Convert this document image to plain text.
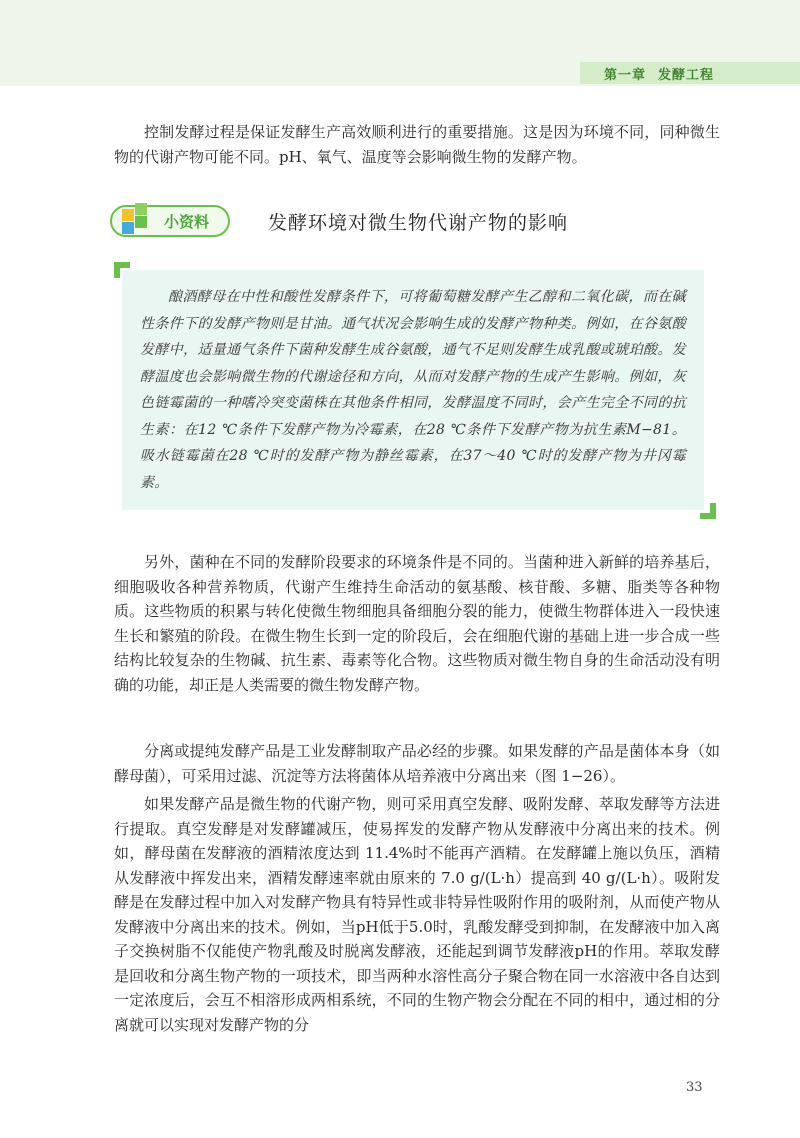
第一章 发酵工程

控制发酵过程是保证发酵生产高效顺利进行的重要措施。这是因为环境不同，同种微生物的代谢产物可能不同。pH、氧气、温度等会影响微生物的发酵产物。

小资料	发酵环境对微生物代谢产物的影响

酿酒酵母在中性和酸性发酵条件下，可将葡萄糖发酵产生乙醇和二氧化碳，而在碱性条件下的发酵产物则是甘油。通气状况会影响生成的发酵产物种类。例如，在谷氨酸发酵中，适量通气条件下菌种发酵生成谷氨酸，通气不足则发酵生成乳酸或琥珀酸。发酵温度也会影响微生物的代谢途径和方向，从而对发酵产物的生成产生影响。例如，灰色链霉菌的一种嗜冷突变菌株在其他条件相同，发酵温度不同时，会产生完全不同的抗生素：在12 ℃条件下发酵产物为冷霉素，在28 ℃条件下发酵产物为抗生素M−81。吸水链霉菌在28 ℃时的发酵产物为静丝霉素，在37～40 ℃时的发酵产物为井冈霉素。

另外，菌种在不同的发酵阶段要求的环境条件是不同的。当菌种进入新鲜的培养基后，细胞吸收各种营养物质，代谢产生维持生命活动的氨基酸、核苷酸、多糖、脂类等各种物质。这些物质的积累与转化使微生物细胞具备细胞分裂的能力，使微生物群体进入一段快速生长和繁殖的阶段。在微生物生长到一定的阶段后，会在细胞代谢的基础上进一步合成一些结构比较复杂的生物碱、抗生素、毒素等化合物。这些物质对微生物自身的生命活动没有明确的功能，却正是人类需要的微生物发酵产物。

分离或提纯发酵产品是工业发酵制取产品必经的步骤。如果发酵的产品是菌体本身（如酵母菌），可采用过滤、沉淀等方法将菌体从培养液中分离出来（图 1−26）。

如果发酵产品是微生物的代谢产物，则可采用真空发酵、吸附发酵、萃取发酵等方法进行提取。真空发酵是对发酵罐减压，使易挥发的发酵产物从发酵液中分离出来的技术。例如，酵母菌在发酵液的酒精浓度达到 11.4%时不能再产酒精。在发酵罐上施以负压，酒精从发酵液中挥发出来，酒精发酵速率就由原来的 7.0 g/(L·h）提高到 40 g/(L·h）。吸附发酵是在发酵过程中加入对发酵产物具有特异性或非特异性吸附作用的吸附剂，从而使产物从发酵液中分离出来的技术。例如，当pH低于5.0时，乳酸发酵受到抑制，在发酵液中加入离子交换树脂不仅能使产物乳酸及时脱离发酵液，还能起到调节发酵液pH的作用。萃取发酵是回收和分离生物产物的一项技术，即当两种水溶性高分子聚合物在同一水溶液中各自达到一定浓度后，会互不相溶形成两相系统，不同的生物产物会分配在不同的相中，通过相的分离就可以实现对发酵产物的分

33
